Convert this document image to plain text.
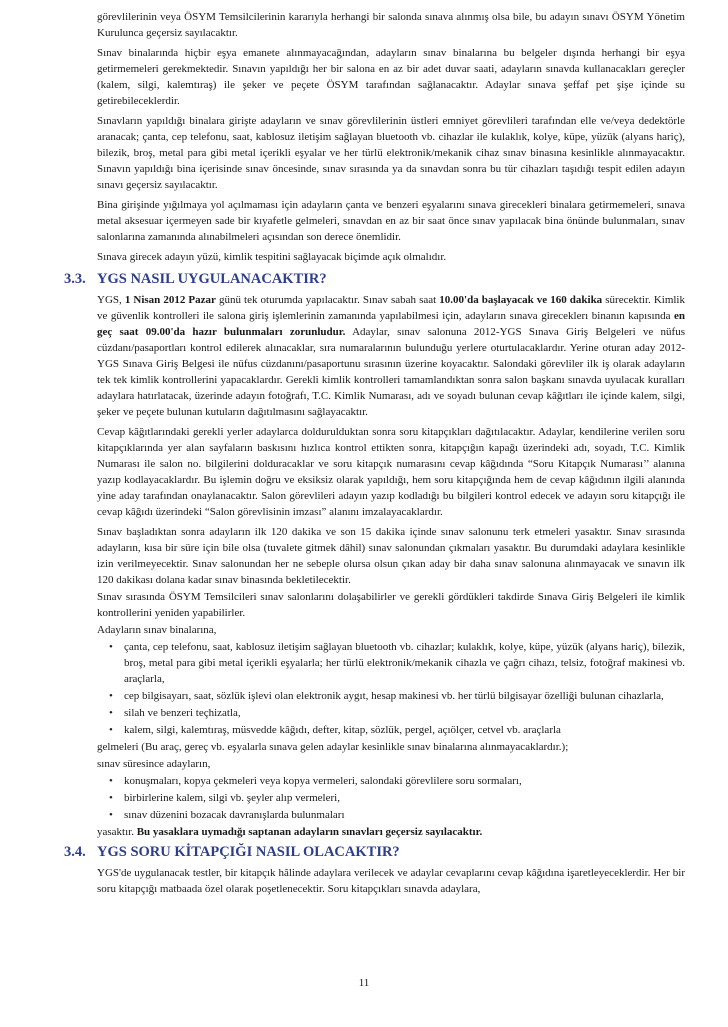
görevlilerinin veya ÖSYM Temsilcilerinin kararıyla herhangi bir salonda sınava alınmış olsa bile, bu adayın sınavı ÖSYM Yönetim Kurulunca geçersiz sayılacaktır.

Sınav binalarında hiçbir eşya emanete alınmayacağından, adayların sınav binalarına bu belgeler dışında herhangi bir eşya getirmemeleri gerekmektedir. Sınavın yapıldığı her bir salona en az bir adet duvar saati, adayların sınavda kullanacakları gereçler (kalem, silgi, kalemtıraş) ile şeker ve peçete ÖSYM tarafından sağlanacaktır. Adaylar sınava şeffaf pet şişe içinde su getirebileceklerdir.

Sınavların yapıldığı binalara girişte adayların ve sınav görevlilerinin üstleri emniyet görevlileri tarafından elle ve/veya dedektörle aranacak; çanta, cep telefonu, saat, kablosuz iletişim sağlayan bluetooth vb. cihazlar ile kulaklık, kolye, küpe, yüzük (alyans hariç), bilezik, broş, metal para gibi metal içerikli eşyalar ve her türlü elektronik/mekanik cihaz sınav binasına kesinlikle alınmayacaktır. Sınavın yapıldığı bina içerisinde sınav öncesinde, sınav sırasında ya da sınavdan sonra bu tür cihazları taşıdığı tespit edilen adayın sınavı geçersiz sayılacaktır.

Bina girişinde yığılmaya yol açılmaması için adayların çanta ve benzeri eşyalarını sınava girecekleri binalara getirmemeleri, sınava metal aksesuar içermeyen sade bir kıyafetle gelmeleri, sınavdan en az bir saat önce sınav yapılacak bina önünde bulunmaları, sınav salonlarına zamanında alınabilmeleri açısından son derece önemlidir.

Sınava girecek adayın yüzü, kimlik tespitini sağlayacak biçimde açık olmalıdır.

3.3. YGS NASIL UYGULANACAKTIR?

YGS, 1 Nisan 2012 Pazar günü tek oturumda yapılacaktır. Sınav sabah saat 10.00'da başlayacak ve 160 dakika sürecektir. Kimlik ve güvenlik kontrolleri ile salona giriş işlemlerinin zamanında yapılabilmesi için, adayların sınava gireceklerı binanın kapısında en geç saat 09.00'da hazır bulunmaları zorunludur. Adaylar, sınav salonuna 2012-YGS Sınava Giriş Belgeleri ve nüfus cüzdanı/pasaportları kontrol edilerek alınacaklar, sıra numaralarının bulunduğu yerlere oturtulacaklardır. Yerine oturan aday 2012-YGS Sınava Giriş Belgesi ile nüfus cüzdanını/pasaportunu sırasının üzerine koyacaktır. Salondaki görevliler ilk iş olarak adayların tek tek kimlik kontrollerini yapacaklardır. Gerekli kimlik kontrolleri tamamlandıktan sonra salon başkanı sınavda uyulacak kuralları adaylara hatırlatacak, üzerinde adayın fotoğrafı, T.C. Kimlik Numarası, adı ve soyadı bulunan cevap kâğıtları ile içinde kalem, silgi, şeker ve peçete bulunan kutuların dağıtılmasını sağlayacaktır.

Cevap kâğıtlarındaki gerekli yerler adaylarca doldurulduktan sonra soru kitapçıkları dağıtılacaktır. Adaylar, kendilerine verilen soru kitapçıklarında yer alan sayfaların baskısını hızlıca kontrol ettikten sonra, kitapçığın kapağı üzerindeki adı, soyadı, T.C. Kimlik Numarası ile salon no. bilgilerini dolduracaklar ve soru kitapçık numarasını cevap kâğıdında “Soru Kitapçık Numarası’’ alanına yazıp kodlayacaklardır. Bu işlemin doğru ve eksiksiz olarak yapıldığı, hem soru kitapçığında hem de cevap kâğıdının ilgili alanında yine aday tarafından onaylanacaktır. Salon görevlileri adayın yazıp kodladığı bu bilgileri kontrol edecek ve adayın soru kitapçığı ile cevap kâğıdı üzerindeki “Salon görevlisinin imzası” alanını imzalayacaklardır.

Sınav başladıktan sonra adayların ilk 120 dakika ve son 15 dakika içinde sınav salonunu terk etmeleri yasaktır. Sınav sırasında adayların, kısa bir süre için bile olsa (tuvalete gitmek dâhil) sınav salonundan çıkmaları yasaktır. Bu durumdaki adaylara kesinlikle izin verilmeyecektir. Sınav salonundan her ne sebeple olursa olsun çıkan aday bir daha sınav salonuna alınmayacak ve sınavın ilk 120 dakikası dolana kadar sınav binasında bekletilecektir.

Sınav sırasında ÖSYM Temsilcileri sınav salonlarını dolaşabilirler ve gerekli gördükleri takdirde Sınava Giriş Belgeleri ile kimlik kontrollerini yeniden yapabilirler.

Adayların sınav binalarına,
• çanta, cep telefonu, saat, kablosuz iletişim sağlayan bluetooth vb. cihazlar; kulaklık, kolye, küpe, yüzük (alyans hariç), bilezik, broş, metal para gibi metal içerikli eşyalarla; her türlü elektronik/mekanik cihazla ve çağrı cihazı, telsiz, fotoğraf makinesi vb. araçlarla,
• cep bilgisayarı, saat, sözlük işlevi olan elektronik aygıt, hesap makinesi vb. her türlü bilgisayar özelliği bulunan cihazlarla,
• silah ve benzeri teçhizatla,
• kalem, silgi, kalemtıraş, müsvedde kâğıdı, defter, kitap, sözlük, pergel, açıölçer, cetvel vb. araçlarla
gelmeleri (Bu araç, gereç vb. eşyalarla sınava gelen adaylar kesinlikle sınav binalarına alınmayacaklardır.);
sınav süresince adayların,
• konuşmaları, kopya çekmeleri veya kopya vermeleri, salondaki görevlilere soru sormaları,
• birbirlerine kalem, silgi vb. şeyler alıp vermeleri,
• sınav düzenini bozacak davranışlarda bulunmaları
yasaktır. Bu yasaklara uymadığı saptanan adayların sınavları geçersiz sayılacaktır.
3.4. YGS SORU KİTAPÇIĞI NASIL OLACAKTIR?

YGS'de uygulanacak testler, bir kitapçık hâlinde adaylara verilecek ve adaylar cevaplarını cevap kâğıdına işaretleyeceklerdir. Her bir soru kitapçığı matbaada özel olarak poşetlenecektir. Soru kitapçıkları sınavda adaylara,

11
